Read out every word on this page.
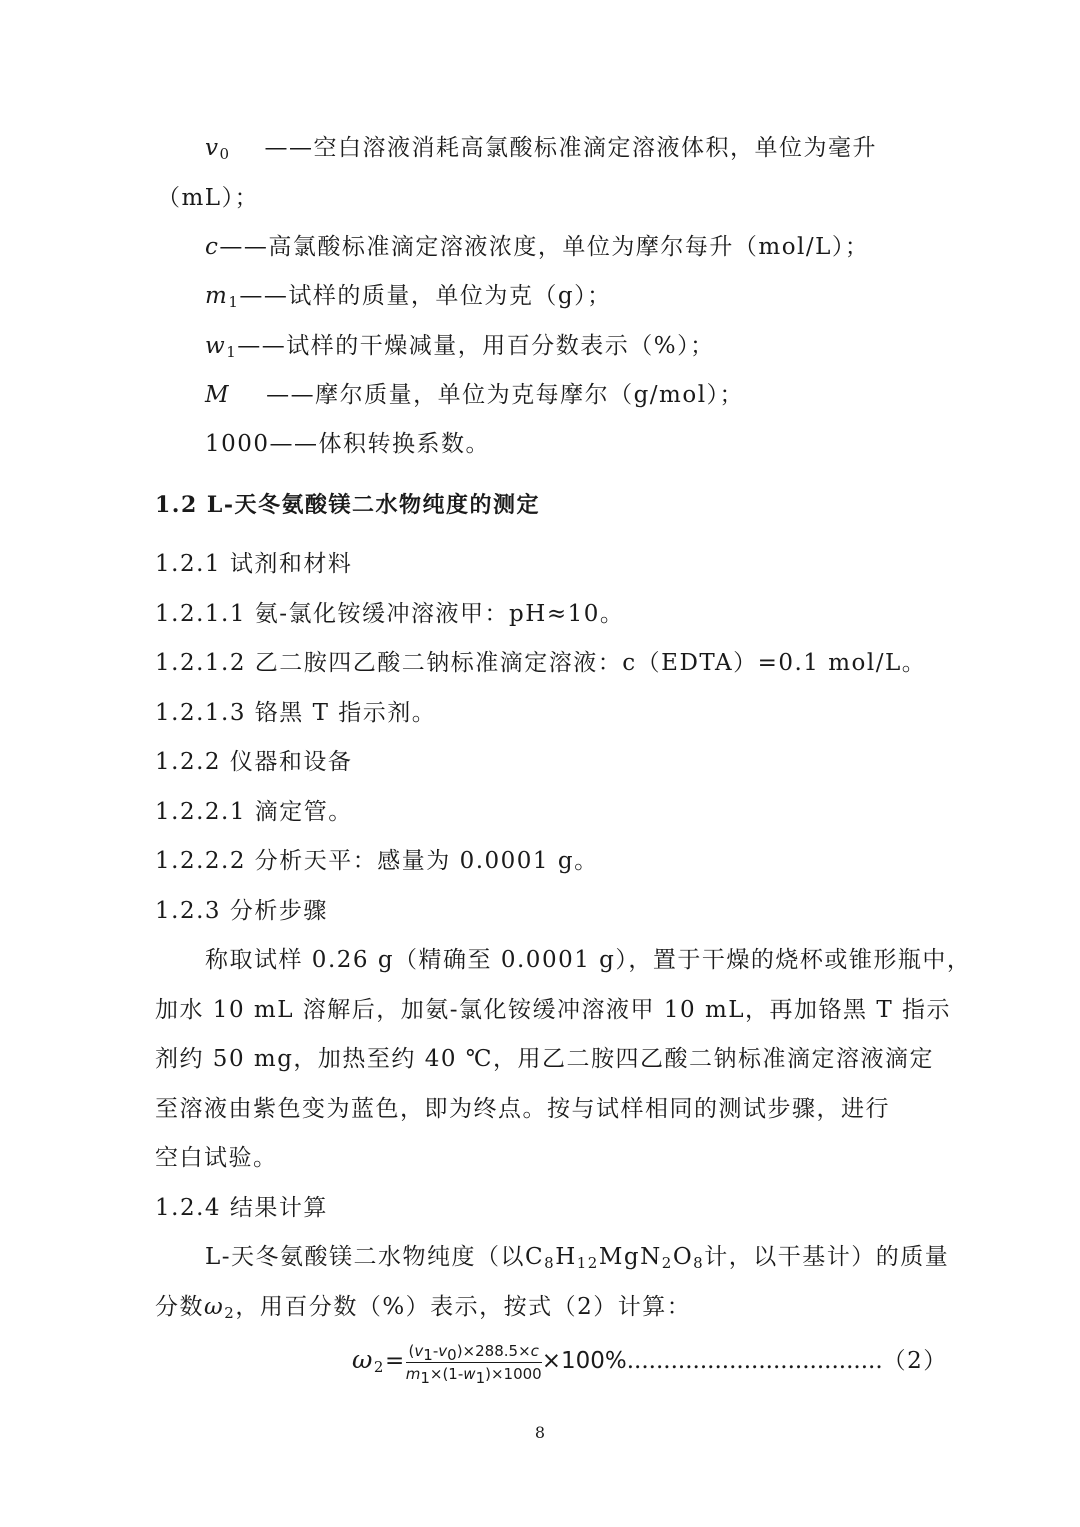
$v_0$ ——空白溶液消耗高氯酸标准滴定溶液体积，单位为毫升
（mL）；
c——高氯酸标准滴定溶液浓度，单位为摩尔每升（mol/L）；
$m_1——$试样的质量，单位为克（g）；
$w_1——$试样的干燥减量，用百分数表示（%）；
M ——摩尔质量，单位为克每摩尔（g/mol）；
1000——体积转换系数。
1.2 L-天冬氨酸镁二水物纯度的测定
1.2.1 试剂和材料
1.2.1.1 氨-氯化铵缓冲溶液甲：pH≈10。
1.2.1.2 乙二胺四乙酸二钠标准滴定溶液：c（EDTA）=0.1 mol/L。
1.2.1.3 铬黑 T 指示剂。
1.2.2 仪器和设备
1.2.2.1 滴定管。
1.2.2.2 分析天平：感量为 0.0001 g。
1.2.3 分析步骤
称取试样 0.26 g（精确至 0.0001 g），置于干燥的烧杯或锥形瓶中，
加水 10 mL 溶解后，加氨-氯化铵缓冲溶液甲 10 mL，再加铬黑 T 指示
剂约 50 mg，加热至约 40 ℃，用乙二胺四乙酸二钠标准滴定溶液滴定
至溶液由紫色变为蓝色，即为终点。按与试样相同的测试步骤，进行
空白试验。
1.2.4 结果计算
L-天冬氨酸镁二水物纯度（以$C_8H_{12}MgN_2O_8$计，以干基计）的质量
分数$\omega_2$，用百分数（%）表示，按式（2）计算：
$\omega_2= \frac{(v_1-v_0)\times 288.5\times c}{m_1\times(1-w_1)\times 1000} \times 100\%...................................(2)$
8
